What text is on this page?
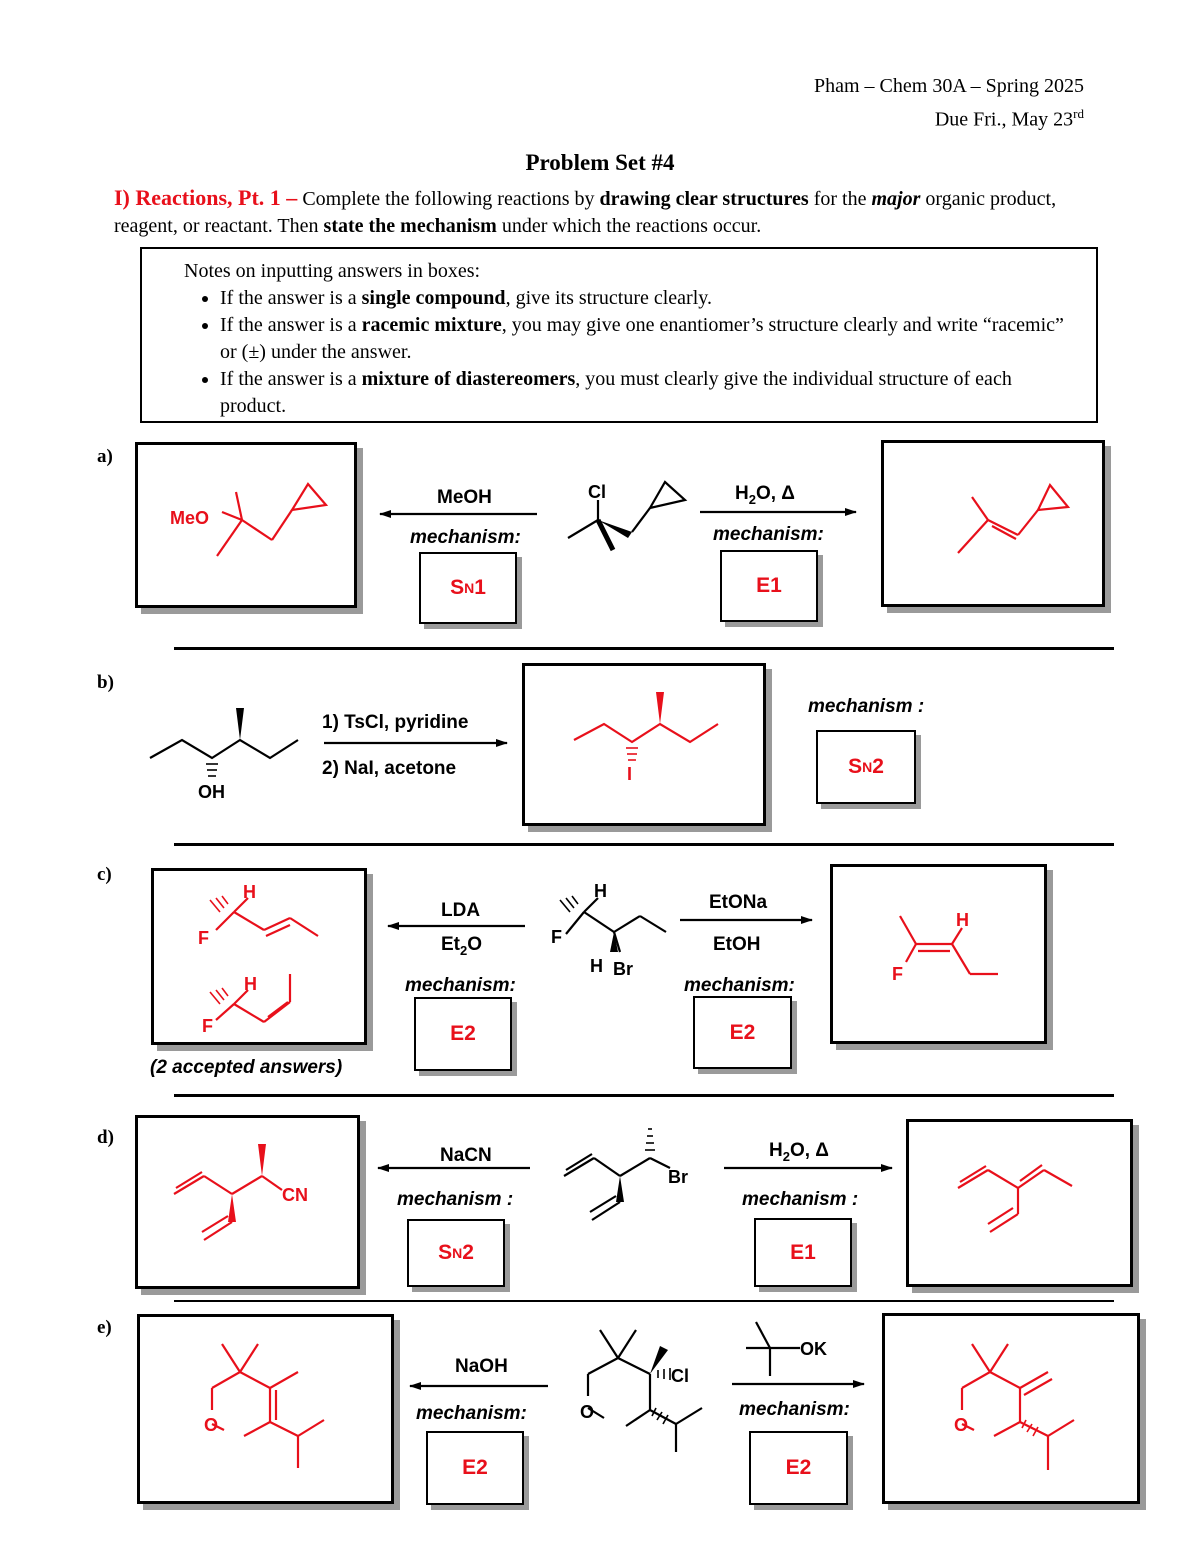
Pham – Chem 30A – Spring 2025
Due Fri., May 23rd
Problem Set #4
I) Reactions, Pt. 1 – Complete the following reactions by drawing clear structures for the major organic product, reagent, or reactant. Then state the mechanism under which the reactions occur.
Notes on inputting answers in boxes:
• If the answer is a single compound, give its structure clearly.
• If the answer is a racemic mixture, you may give one enantiomer’s structure clearly and write “racemic” or (±) under the answer.
• If the answer is a mixture of diastereomers, you must clearly give the individual structure of each product.
a)
b)
c)
d)
e)
S N 1	E1
S N 2
E2	E2
S N 2	E1
E2	E2
MeOH
mechanism:
$H_2O$, Δ
mechanism:
1) TsCl, pyridine
2) NaI, acetone
mechanism :
LDA
$Et_2O$
mechanism:
EtONa
EtOH
mechanism:
(2 accepted answers)
NaCN
mechanism :
$H_2O$, Δ
mechanism :
NaOH
mechanism:	mechanism:
Cl
MeO
OH
I
H
F
H Br
H
F
H
F
H
F
Br
CN
O
Cl
OK
O	O
